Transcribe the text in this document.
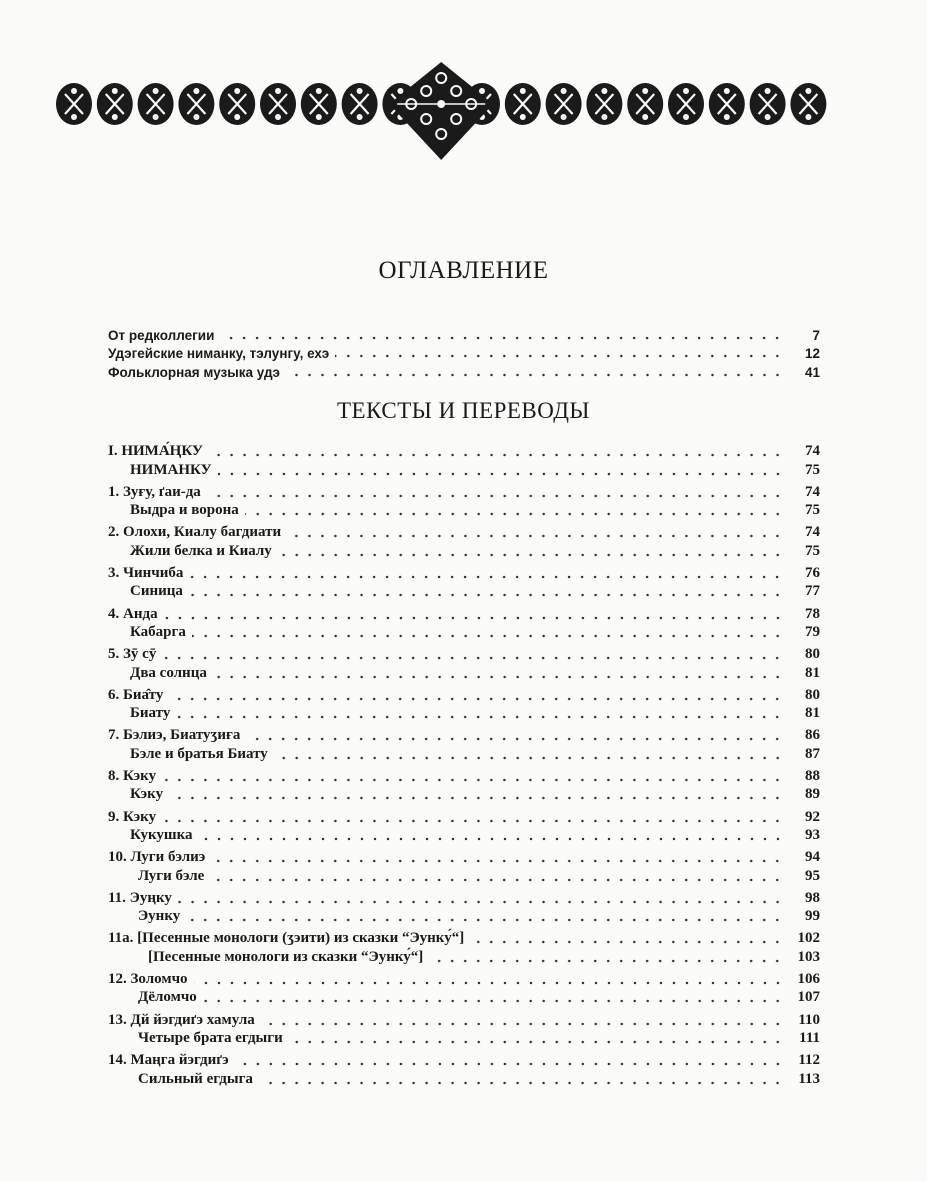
ОГЛАВЛЕНИЕ
От редколлегии	7
Удэгейские нимaнку, тэлунгу, ехэ	12
Фольклорная музыка удэ	41
ТЕКСТЫ И ПЕРЕВОДЫ
I. НИМА́ҢКУ	74
НИМАНКУ	75
1. Зуғу, ґаи-да	74
Выдра и ворона	75
2. Олохи, Киалу багдиати	74
Жили белка и Киалу	75
3. Чинчиба	76
Синица	77
4. Анда	78
Кабарга	79
5. Зӯ сӯ	80
Два солнца	81
6. Биа̂ту	80
Биату	81
7. Бэлиэ, Биатуʒиға	86
Бэле и братья Биату	87
8. Кэку	88
Кэку	89
9. Кэку	92
Кукушка	93
10. Луги бэлиэ	94
Луги бэле	95
11. Эуңку	98
Эунку	99
11а. [Песенные монологи (ʒэити) из сказки “Эунку́“]	102
[Песенные монологи из сказки “Эунку́“]	103
12. Золомчо	106
Дёломчо	107
13. Дй йэгдиґэ хамула	110
Четыре брата егдыги	111
14. Маңга йэгдиґэ	112
Сильный егдыга	113
